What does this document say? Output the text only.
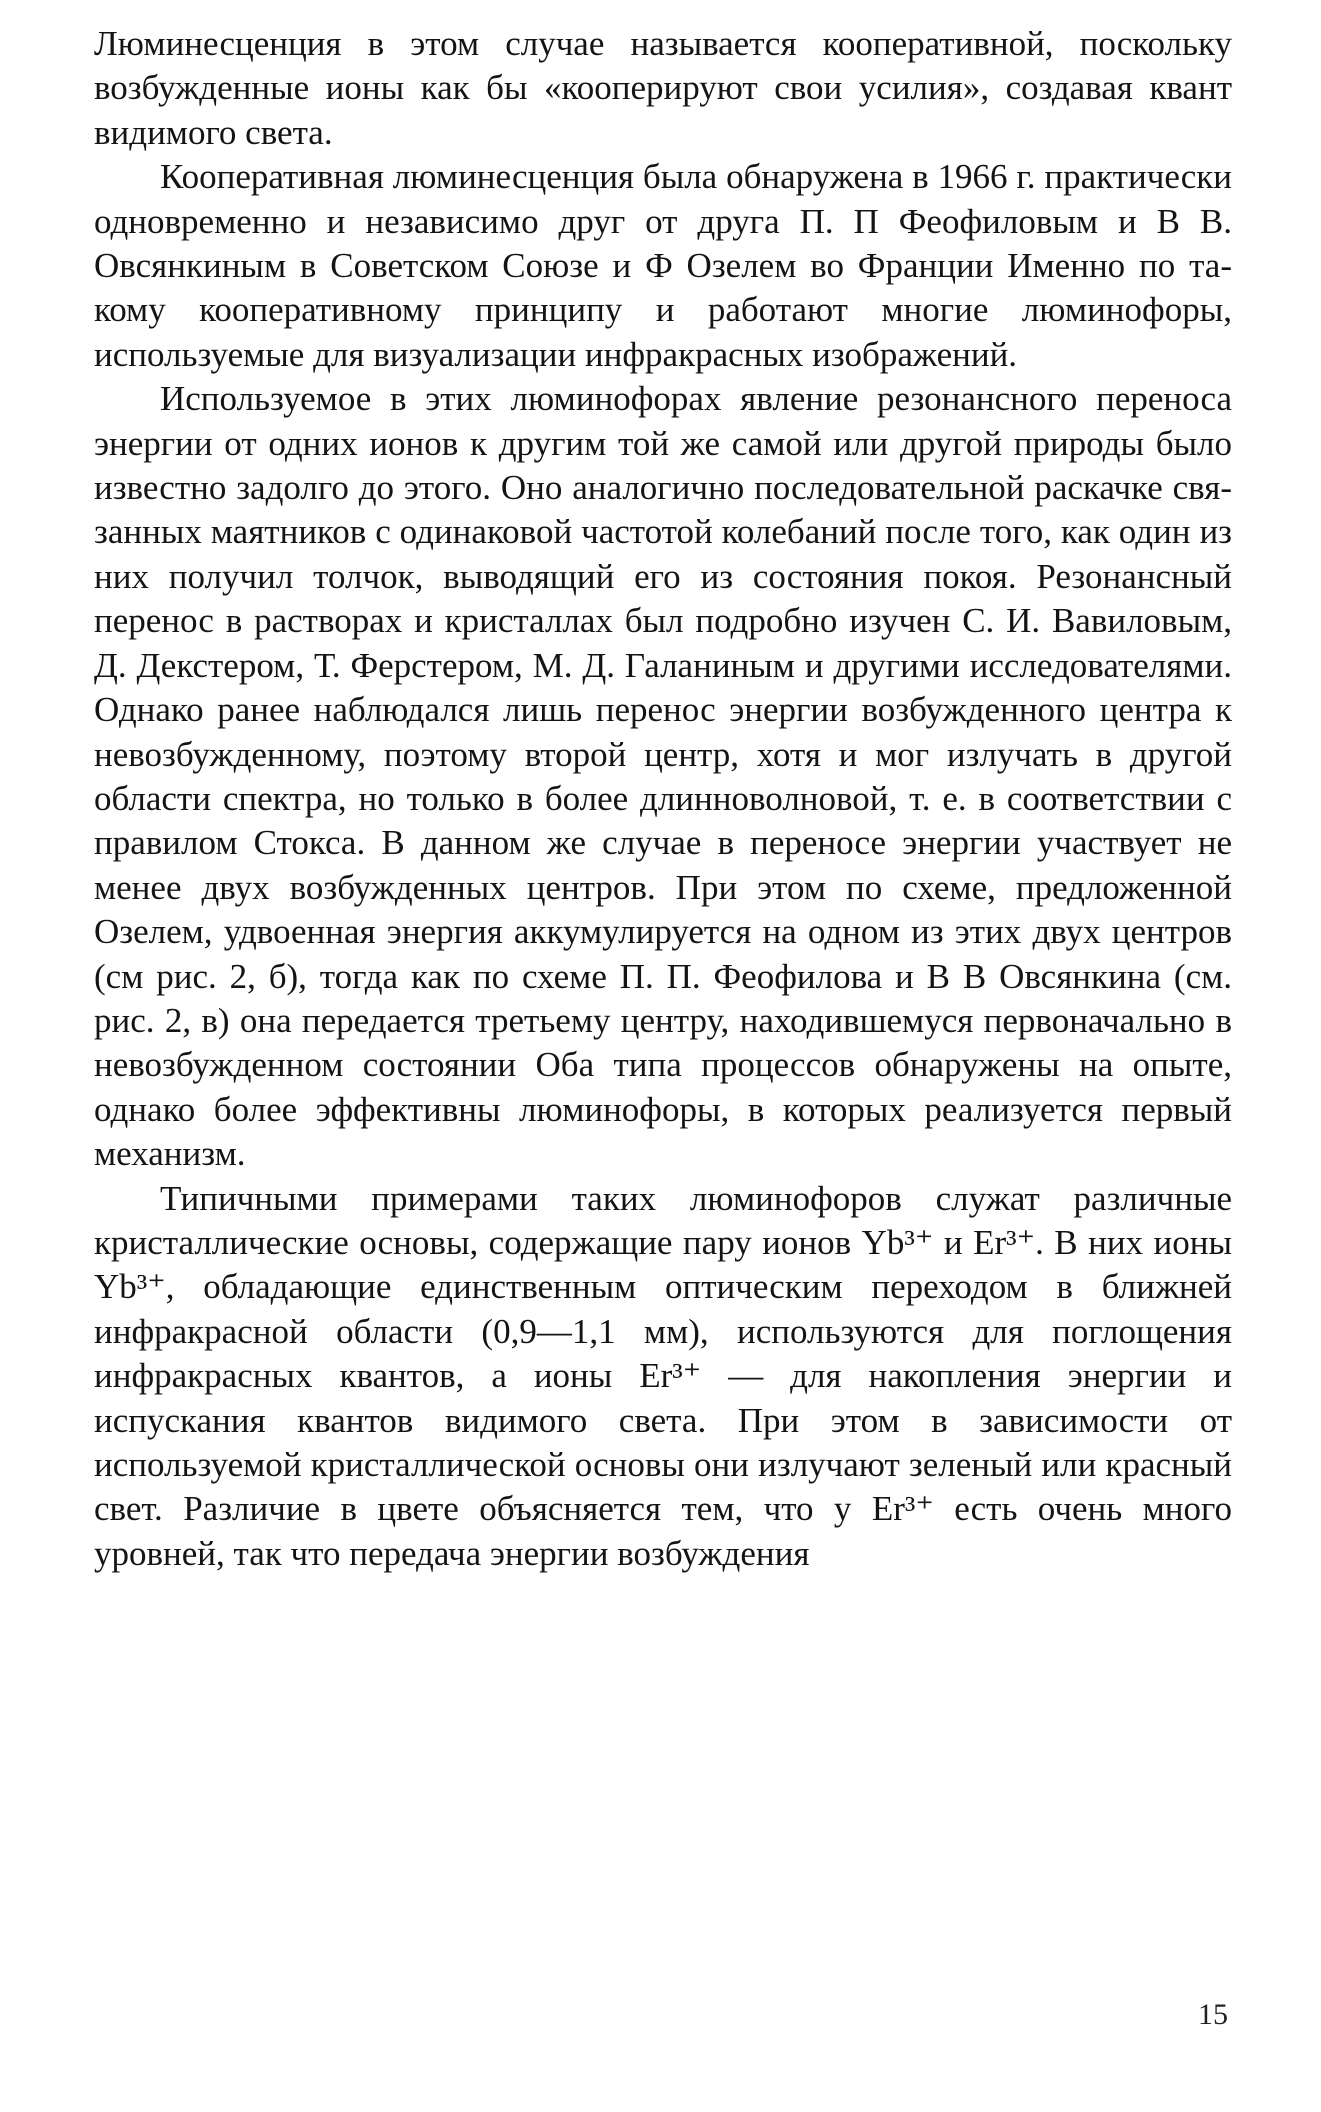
Люминесценция в этом случае называется кооперативной, поскольку возбужденные ионы как бы «кооперируют свои усилия», создавая квант видимого света.

Кооперативная люминесценция была обнаружена в 1966 г. практически одновременно и независимо друг от друга П. П Феофиловым и В В. Овсянкиным в Советском Союзе и Ф Озелем во Франции Именно по такому кооперативному принципу и работают многие люминофоры, используемые для визуализации инфракрасных изображений.

Используемое в этих люминофорах явление резонансного переноса энергии от одних ионов к другим той же самой или другой природы было известно задолго до этого. Оно аналогично последовательной раскачке связанных маятников с одинаковой частотой колебаний после того, как один из них получил толчок, выводящий его из состояния покоя. Резонансный перенос в растворах и кристаллах был подробно изучен С. И. Вавиловым, Д. Декстером, Т. Ферстером, М. Д. Галаниным и другими исследователями. Однако ранее наблюдался лишь перенос энергии возбужденного центра к невозбужденному, поэтому второй центр, хотя и мог излучать в другой области спектра, но только в более длинноволновой, т. е. в соответствии с правилом Стокса. В данном же случае в переносе энергии участвует не менее двух возбужденных центров. При этом по схеме, предложенной Озелем, удвоенная энергия аккумулируется на одном из этих двух центров (см рис. 2, б), тогда как по схеме П. П. Феофилова и В В Овсянкина (см. рис. 2, в) она передается третьему центру, находившемуся первоначально в невозбужденном состоянии Оба типа процессов обнаружены на опыте, однако более эффективны люминофоры, в которых реализуется первый механизм.

Типичными примерами таких люминофоров служат различные кристаллические основы, содержащие пару ионов Yb³⁺ и Er³⁺. В них ионы Yb³⁺, обладающие единственным оптическим переходом в ближней инфракрасной области (0,9—1,1 мм), используются для поглощения инфракрасных квантов, а ионы Er³⁺ — для накопления энергии и испускания квантов видимого света. При этом в зависимости от используемой кристаллической основы они излучают зеленый или красный свет. Различие в цвете объясняется тем, что у Er³⁺ есть очень много уровней, так что передача энергии возбуждения

15
